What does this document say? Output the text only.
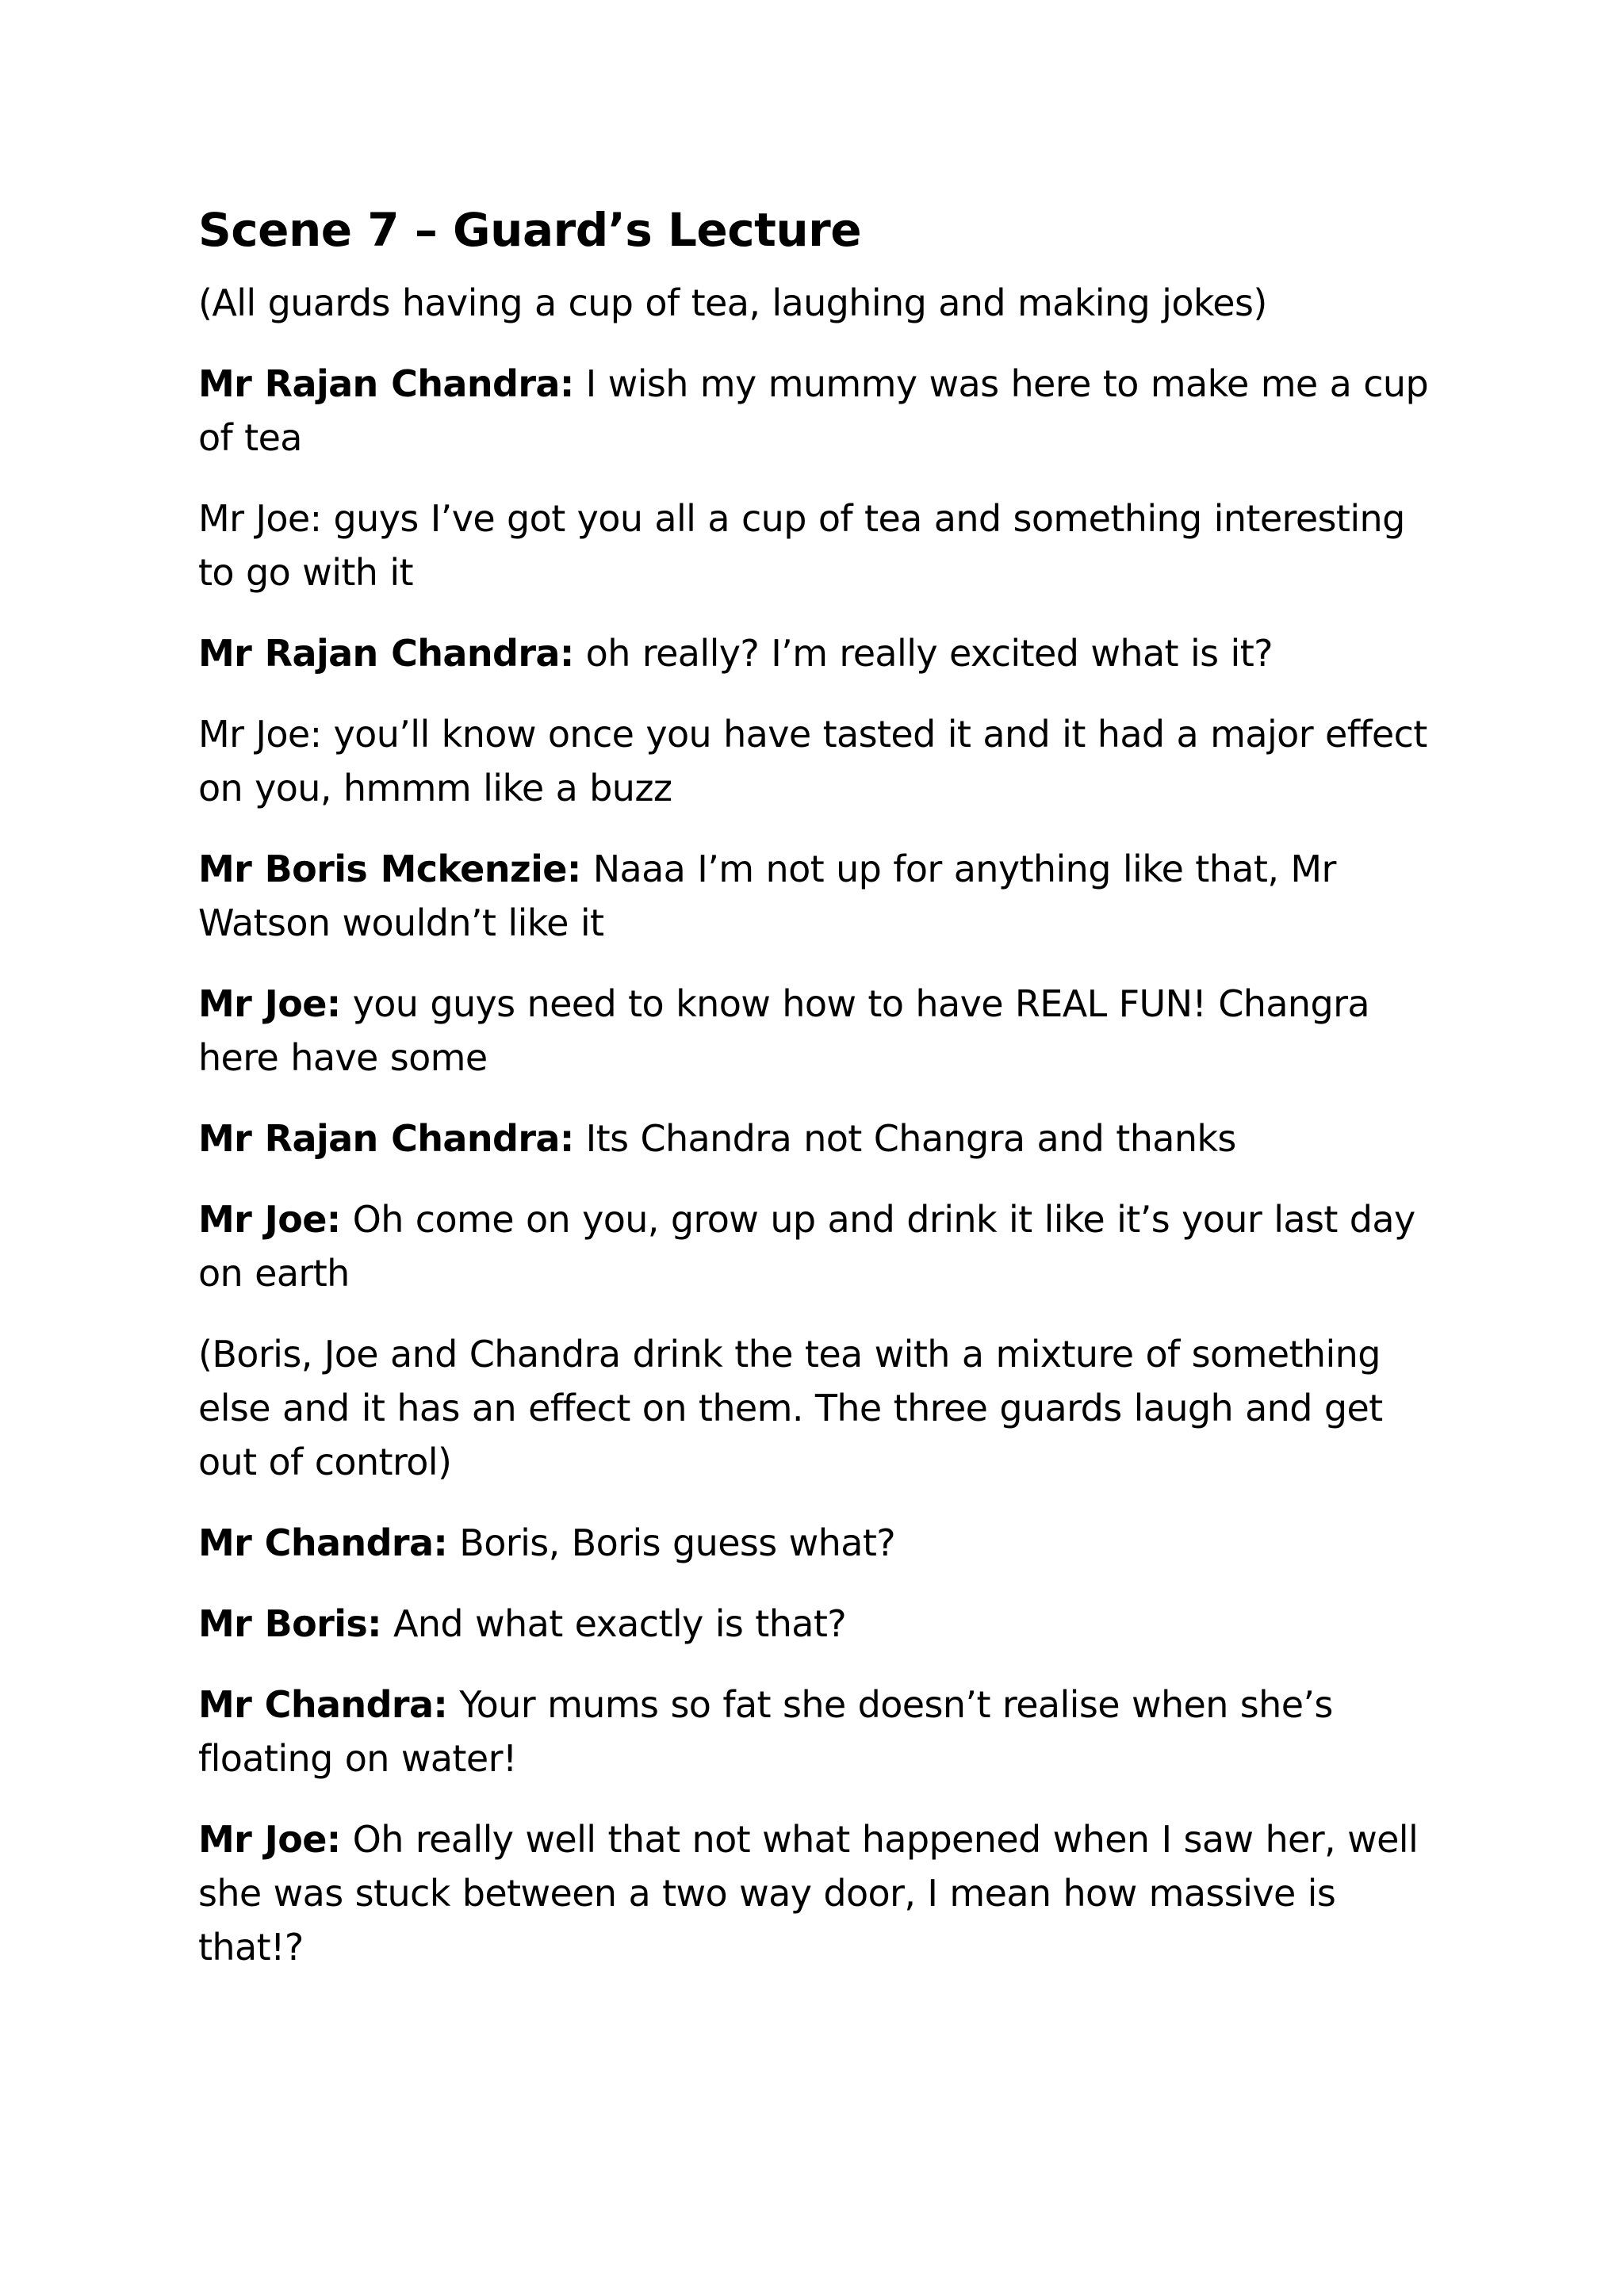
Scene 7 – Guard’s Lecture

(All guards having a cup of tea, laughing and making jokes)

Mr Rajan Chandra: I wish my mummy was here to make me a cup of tea

Mr Joe: guys I’ve got you all a cup of tea and something interesting to go with it

Mr Rajan Chandra: oh really? I’m really excited what is it?

Mr Joe: you’ll know once you have tasted it and it had a major effect on you, hmmm like a buzz

Mr Boris Mckenzie: Naaa I’m not up for anything like that, Mr Watson wouldn’t like it

Mr Joe: you guys need to know how to have REAL FUN! Changra here have some

Mr Rajan Chandra: Its Chandra not Changra and thanks

Mr Joe: Oh come on you, grow up and drink it like it’s your last day on earth

(Boris, Joe and Chandra drink the tea with a mixture of something else and it has an effect on them. The three guards laugh and get out of control)

Mr Chandra: Boris, Boris guess what?

Mr Boris: And what exactly is that?

Mr Chandra: Your mums so fat she doesn’t realise when she’s floating on water!

Mr Joe: Oh really well that not what happened when I saw her, well she was stuck between a two way door, I mean how massive is that!?
